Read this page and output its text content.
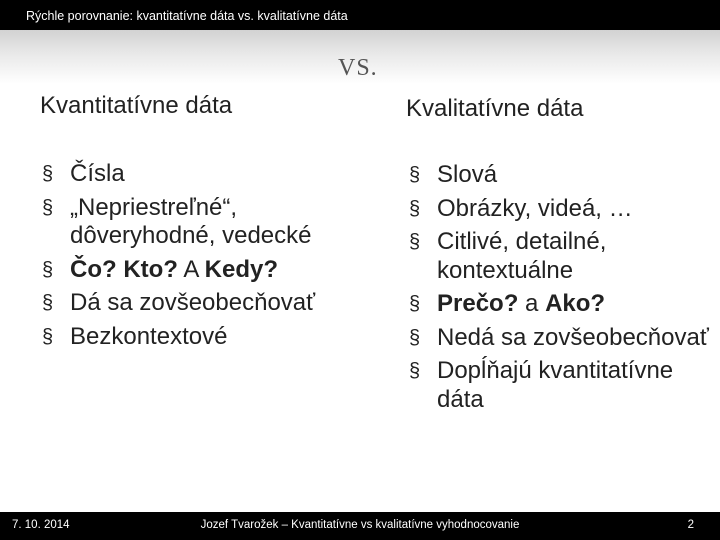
Rýchle porovnanie: kvantitatívne dáta vs. kvalitatívne dáta
VS.
Kvantitatívne dáta	Kvalitatívne dáta
§ Čísla
§ „Nepriestreľné“, dôveryhodné, vedecké
§ Čo? Kto? A Kedy?
§ Dá sa zovšeobecňovať
§ Bezkontextové
§ Slová
§ Obrázky, videá, …
§ Citlivé, detailné, kontextuálne
§ Prečo? a Ako?
§ Nedá sa zovšeobecňovať
§ Dopĺňajú kvantitatívne dáta
7. 10. 2014	Jozef Tvarožek – Kvantitatívne vs kvalitatívne vyhodnocovanie	2
